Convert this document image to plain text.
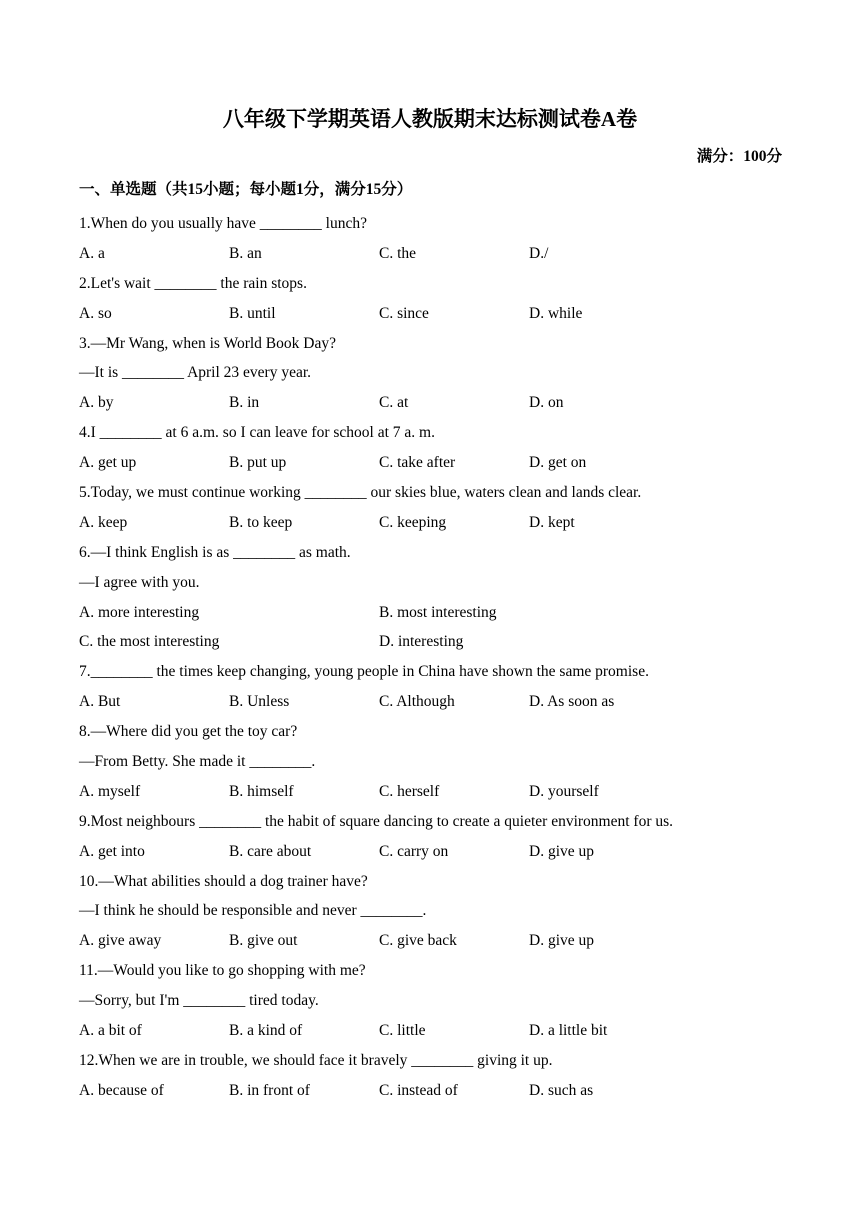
八年级下学期英语人教版期末达标测试卷A卷
满分：100分
一、单选题（共15小题；每小题1分，满分15分）
1.When do you usually have ________ lunch?
A. a	B. an	C. the	D./
2.Let's wait ________ the rain stops.
A. so	B. until	C. since	D. while
3.—Mr Wang, when is World Book Day?
—It is ________ April 23 every year.
A. by	B. in	C. at	D. on
4.I ________ at 6 a.m. so I can leave for school at 7 a. m.
A. get up	B. put up	C. take after	D. get on
5.Today, we must continue working ________ our skies blue, waters clean and lands clear.
A. keep	B. to keep	C. keeping	D. kept
6.—I think English is as ________ as math.
—I agree with you.
A. more interesting	B. most interesting
C. the most interesting	D. interesting
7.________ the times keep changing, young people in China have shown the same promise.
A. But	B. Unless	C. Although	D. As soon as
8.—Where did you get the toy car?
—From Betty. She made it ________.
A. myself	B. himself	C. herself	D. yourself
9.Most neighbours ________ the habit of square dancing to create a quieter environment for us.
A. get into	B. care about	C. carry on	D. give up
10.—What abilities should a dog trainer have?
—I think he should be responsible and never ________.
A. give away	B. give out	C. give back	D. give up
11.—Would you like to go shopping with me?
—Sorry, but I'm ________ tired today.
A. a bit of	B. a kind of	C. little	D. a little bit
12.When we are in trouble, we should face it bravely ________ giving it up.
A. because of	B. in front of	C. instead of	D. such as
